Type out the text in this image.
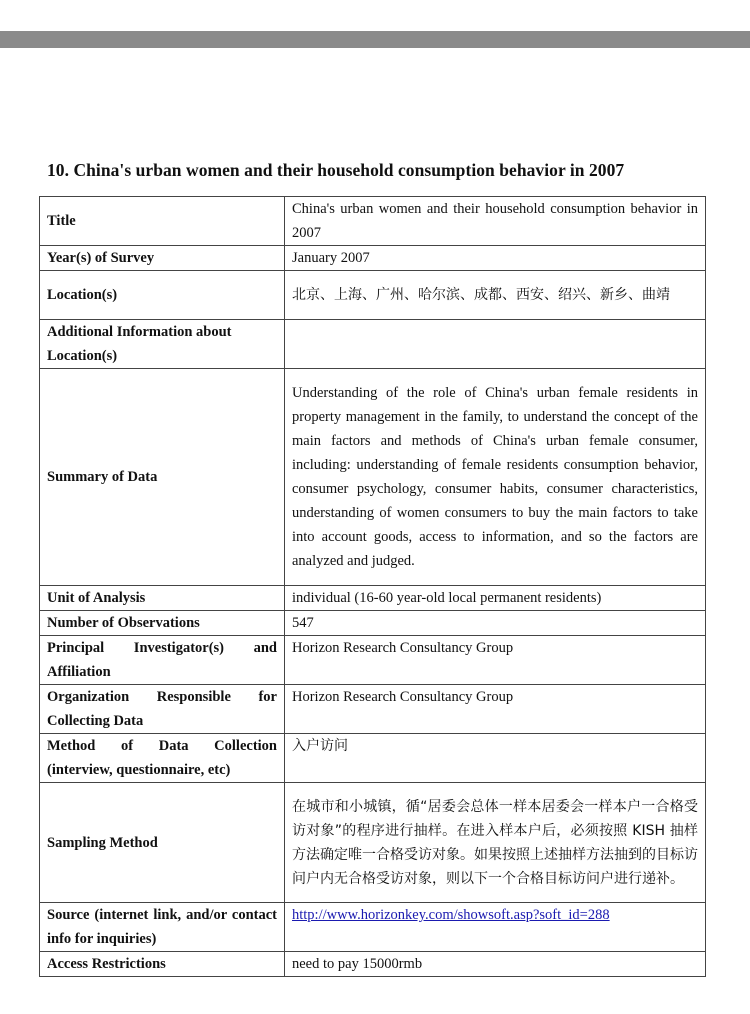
10. China's urban women and their household consumption behavior in 2007
Title	China's urban women and their household consumption behavior in 2007
Year(s) of Survey	January 2007
Location(s)	北京、上海、广州、哈尔滨、成都、西安、绍兴、新乡、曲靖
Additional Information about Location(s)	
Summary of Data	Understanding of the role of China's urban female residents in property management in the family, to understand the concept of the main factors and methods of China's urban female consumer, including: understanding of female residents consumption behavior, consumer psychology, consumer habits, consumer characteristics, understanding of women consumers to buy the main factors to take into account goods, access to information, and so the factors are analyzed and judged.
Unit of Analysis	individual (16-60 year-old local permanent residents)
Number of Observations	547
Principal Investigator(s) and Affiliation	Horizon Research Consultancy Group
Organization Responsible for Collecting Data	Horizon Research Consultancy Group
Method of Data Collection (interview, questionnaire, etc)	入户访问
Sampling Method	在城市和小城镇，循“居委会总体一样本居委会一样本户一合格受访对象”的程序进行抽样。在进入样本户后，必须按照 KISH 抽样方法确定唯一合格受访对象。如果按照上述抽样方法抽到的目标访问户内无合格受访对象，则以下一个合格目标访问户进行递补。
Source (internet link, and/or contact info for inquiries)	http://www.horizonkey.com/showsoft.asp?soft_id=288
Access Restrictions	need to pay 15000rmb
